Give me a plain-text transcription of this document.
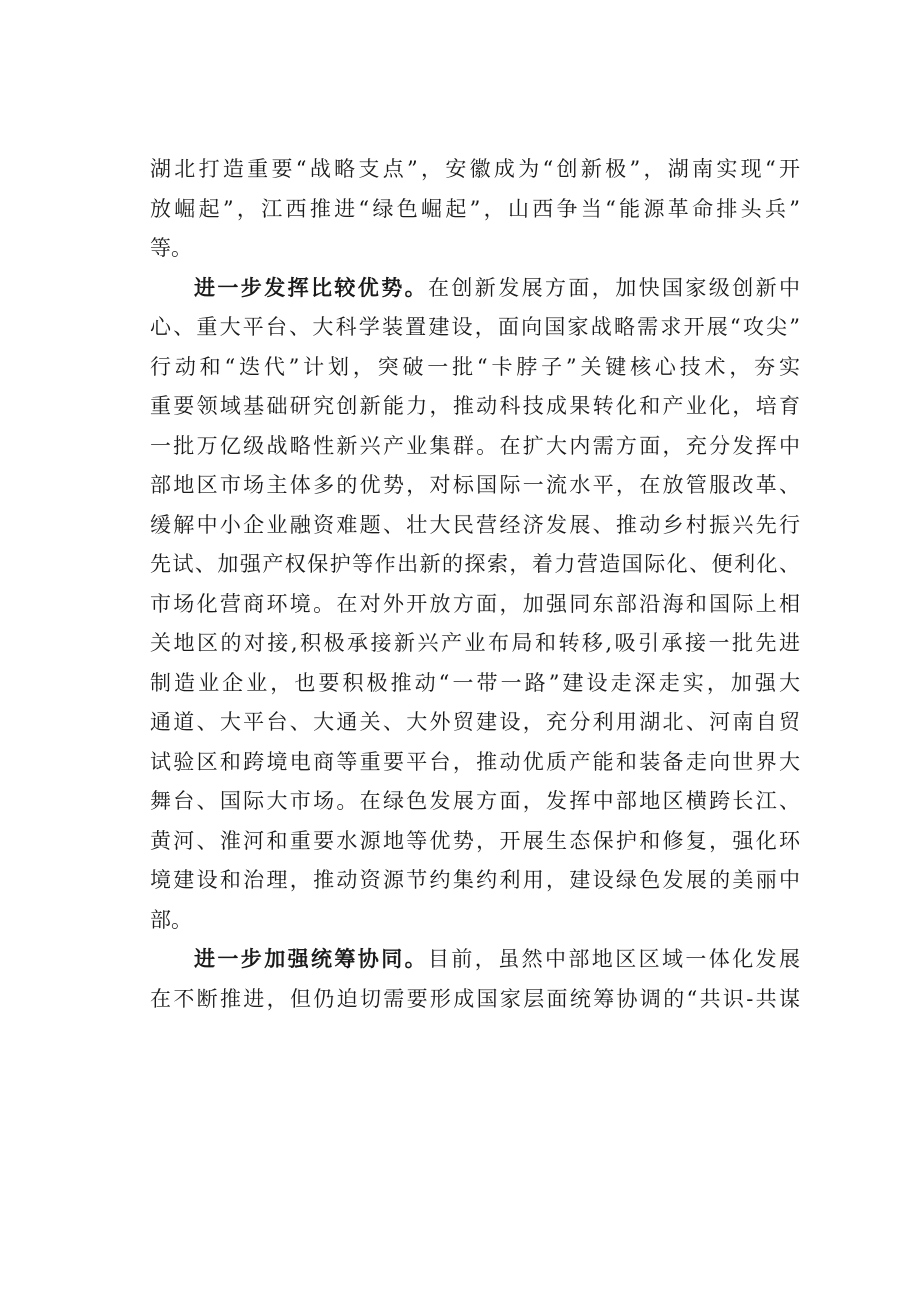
湖北打造重要“战略支点”，安徽成为“创新极”，湖南实现“开
放崛起”，江西推进“绿色崛起”，山西争当“能源革命排头兵”
等。
进一步发挥比较优势。在创新发展方面，加快国家级创新中
心、重大平台、大科学装置建设，面向国家战略需求开展“攻尖”
行动和“迭代”计划，突破一批“卡脖子”关键核心技术，夯实
重要领域基础研究创新能力，推动科技成果转化和产业化，培育
一批万亿级战略性新兴产业集群。在扩大内需方面，充分发挥中
部地区市场主体多的优势，对标国际一流水平，在放管服改革、
缓解中小企业融资难题、壮大民营经济发展、推动乡村振兴先行
先试、加强产权保护等作出新的探索，着力营造国际化、便利化、
市场化营商环境。在对外开放方面，加强同东部沿海和国际上相
关地区的对接,积极承接新兴产业布局和转移,吸引承接一批先进
制造业企业，也要积极推动“一带一路”建设走深走实，加强大
通道、大平台、大通关、大外贸建设，充分利用湖北、河南自贸
试验区和跨境电商等重要平台，推动优质产能和装备走向世界大
舞台、国际大市场。在绿色发展方面，发挥中部地区横跨长江、
黄河、淮河和重要水源地等优势，开展生态保护和修复，强化环
境建设和治理，推动资源节约集约利用，建设绿色发展的美丽中
部。
进一步加强统筹协同。目前，虽然中部地区区域一体化发展
在不断推进，但仍迫切需要形成国家层面统筹协调的“共识-共谋
